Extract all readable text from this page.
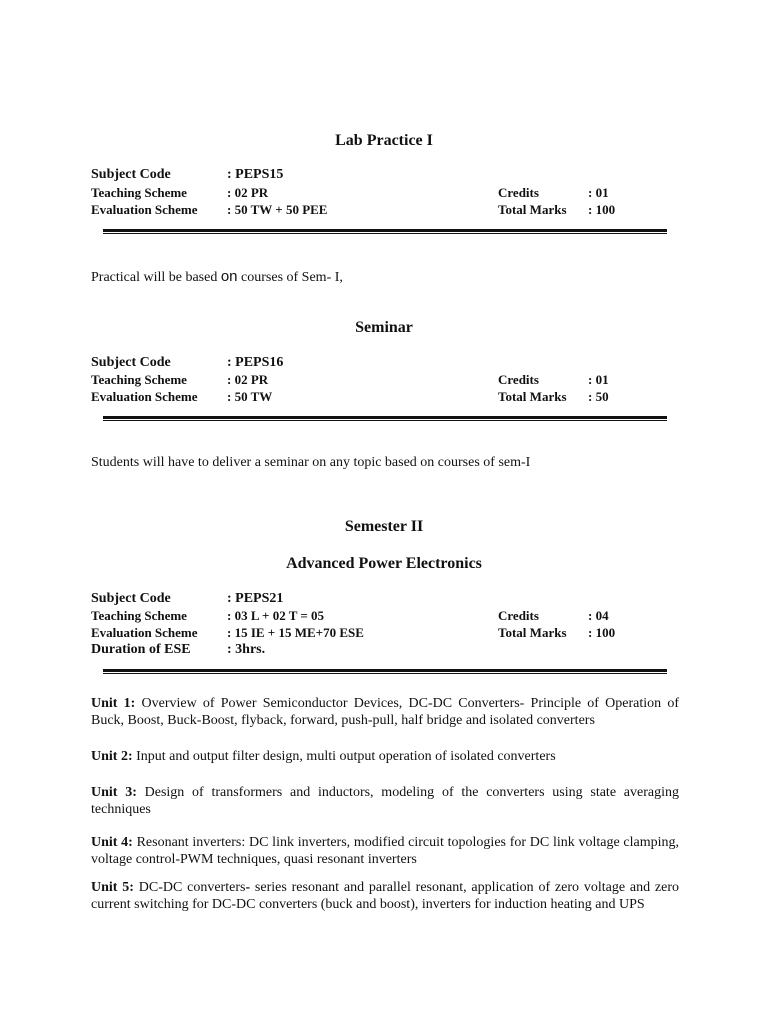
Lab Practice I
Subject Code	: PEPS15
Teaching Scheme	: 02 PR	Credits	: 01
Evaluation Scheme : 50 TW + 50 PEE	Total Marks : 100
Practical will be based on courses of Sem- I,
Seminar
Subject Code	: PEPS16
Teaching Scheme	: 02 PR	Credits	: 01
Evaluation Scheme : 50 TW	Total Marks : 50
Students will have to deliver a seminar on any topic based on courses of sem-I
Semester II
Advanced Power Electronics
Subject Code	: PEPS21
Teaching Scheme	: 03 L + 02 T = 05	Credits	: 04
Evaluation Scheme : 15 IE + 15 ME+70 ESE	Total Marks : 100
Duration of ESE	: 3hrs.
Unit 1: Overview of Power Semiconductor Devices, DC-DC Converters- Principle of Operation of Buck, Boost, Buck-Boost, flyback, forward, push-pull, half bridge and isolated converters
Unit 2: Input and output filter design, multi output operation of isolated converters
Unit 3: Design of transformers and inductors, modeling of the converters using state averaging techniques
Unit 4: Resonant inverters: DC link inverters, modified circuit topologies for DC link voltage clamping, voltage control-PWM techniques, quasi resonant inverters
Unit 5: DC-DC converters- series resonant and parallel resonant, application of zero voltage and zero current switching for DC-DC converters (buck and boost), inverters for induction heating and UPS
